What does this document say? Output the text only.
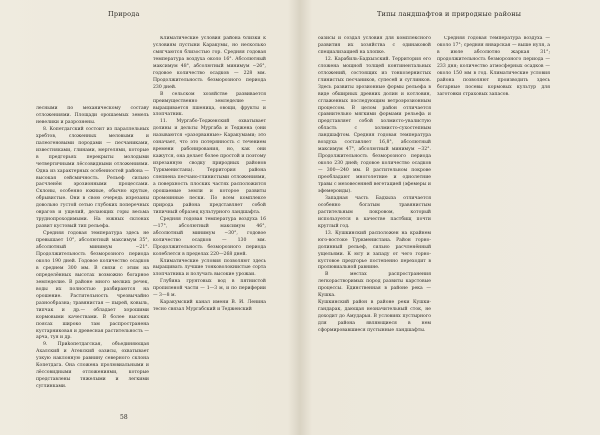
Природа

лесными по механическому составу отложениями. Площади орошаемых земель невелики и разрознены.
8. Копетдагский состоит из параллельных хребтов, сложенных меловыми и палеогеновыми породами — песчаниками, известняками, глинами, мергелями, которые в предгорьях перекрыты молодыми четвертичными лёссовидными отложениями. Одна из характерных особенностей района — высокая сейсмичность. Рельеф сильно расчленён эрозионными процессами. Склоны, особенно южные, обычно крутые, обрывистые. Они в свою очередь изрезаны довольно густой сетью глубоких поперечных оврагов и ущелий, делающих горы весьма труднопроходимыми. На южных склонах развит кустовый тип рельефа.
Средняя годовая температура здесь не превышает 10°, абсолютный максимум 35°, абсолютный минимум −21°. Продолжительность безморозного периода около 190 дней. Годовое количество осадков в среднем 300 мм. В связи с этим на определённых высотах возможно богарное земледелие. В районе много мелких речек, воды их полностью разбираются на орошение. Растительность чрезвычайно разнообразна; травянистая — пырей, ковыль, типчак и др.— обладает хорошими кормовыми качествами. В более высоких поясах широко там распространена кустарниковая и древесная растительность — арча, туя и др.
9. Приkопетдагская, объединяющая Ахалский и Атекский оазисы, охватывает узкую наклонную равнину северного склона Копетдага. Она сложена пролювиальными и лёссовидными отложениями, которые представлены тяжелыми и легкими суглинками.

Климатические условия района близки к условиям пустыни Каракумы, но несколько смягчаются близостью гор. Средняя годовая температура воздуха около 16°. Абсолютный максимум 48°, абсолютный минимум −26°, годовое количество осадков — 228 мм. Продолжительность безморозного периода 230 дней.
В сельском хозяйстве развивается преимущественно земледелие — выращивается пшеница, овощи, фрукты и хлопчатник.
11. Мургабо-Теджeнский охватывает долины и дельты Мургаба и Теджена (они называются «разорванные» Каракумами; это означает, что это потерянность с течением времени рабонирования, но, как они кажутся, она делает более простой и поэтому изрезанную сводку природных районов Туркменистана). Территория района слепнена песчано-глинистыми отложениями, а поверхность плоских частях расположится орошаемые земли и которое развиты промоинные пески. По всем комплексе природа района представляет собой типичный образец культурного ландшафта.
Средняя годовая температура воздуха 16—17°, абсолютный максимум 46°, абсолютный минимум −30°, годовое количество осадков — 130 мм. Продолжительность безморозного периода колеблется в пределах 220—268 дней.
Климатические условия позволяют здесь выращивать лучшие тонковолокнистые сорта хлопчатника и получать высокие урожаи.
Глубина грунтовых вод в пятнистой пропиленой части — 1—3 м, и по периферии — 3—8 м.
Каракумский канал имени В. И. Ленина тесно связал Мургабский и Теджeнский

58
Типы ландшафтов и природные районы

оазисы и создал условия для комплексного развития их хозяйства с одинаковой специализацией на хлопке.
12. Карабиль-Бадхызский. Территория его сложена мощной толщей континентальных отложений, состоящих из тонкозернистых глинистых песчаников, супесей и суглинков. Здесь развиты эрозионные формы рельефа в виде обширных древних долин и котловин, сглаженных последующим ветроэрозионным процессом. В целом район отличается сравнительно мягкими формами рельефа и представляет собой холмисто-увалистую область с холмисто-сухостепным ландшафтом. Средняя годовая температура воздуха составляет 16,8°, абсолютный максимум 47°, абсолютный минимум −32°. Продолжительность безморозного периода около 230 дней; годовое количество осадков — 300—240 мм. В растительном покрове преобладают многолетние и однолетние травы с мезовесенней вегетацией (эфемеры и эфемероиды).
Западная часть Бадхыза отличается особенно богатым травянистым растительным покровом, который используется в качестве пастбищ почти круглый год.
13. Кушкинский расположен на крайнем юго-востоке Туркменистана. Район горно-долинный рельеф, сильно расчленённый ущельями. К югу и западу от чего горно-кустовое предгорье постепенно переходит в пролювиальной равнине.
В местах распространения легкорастворимых пород развиты карстовые процессы. Единственная в районе река — Кушка.

Кушкинский район в районе реки Кушки-гандарак, дающая незначительный сток, не доходит до Амударьи. В условиях пустырного для района являющиеся в нем сформировавшиеся пустынные ландшафты.

Средняя годовая температура воздуха — около 17°; средняя январская — выше нуля, а в июле абсолютно жаркая 31°; продолжительность безморозного периода — 233 дня; количество атмосферных осадков — около 150 мм в год. Климатические условия района позволяют производить здесь богарные посевы кормовых культур для заготовки страховых запасов.
